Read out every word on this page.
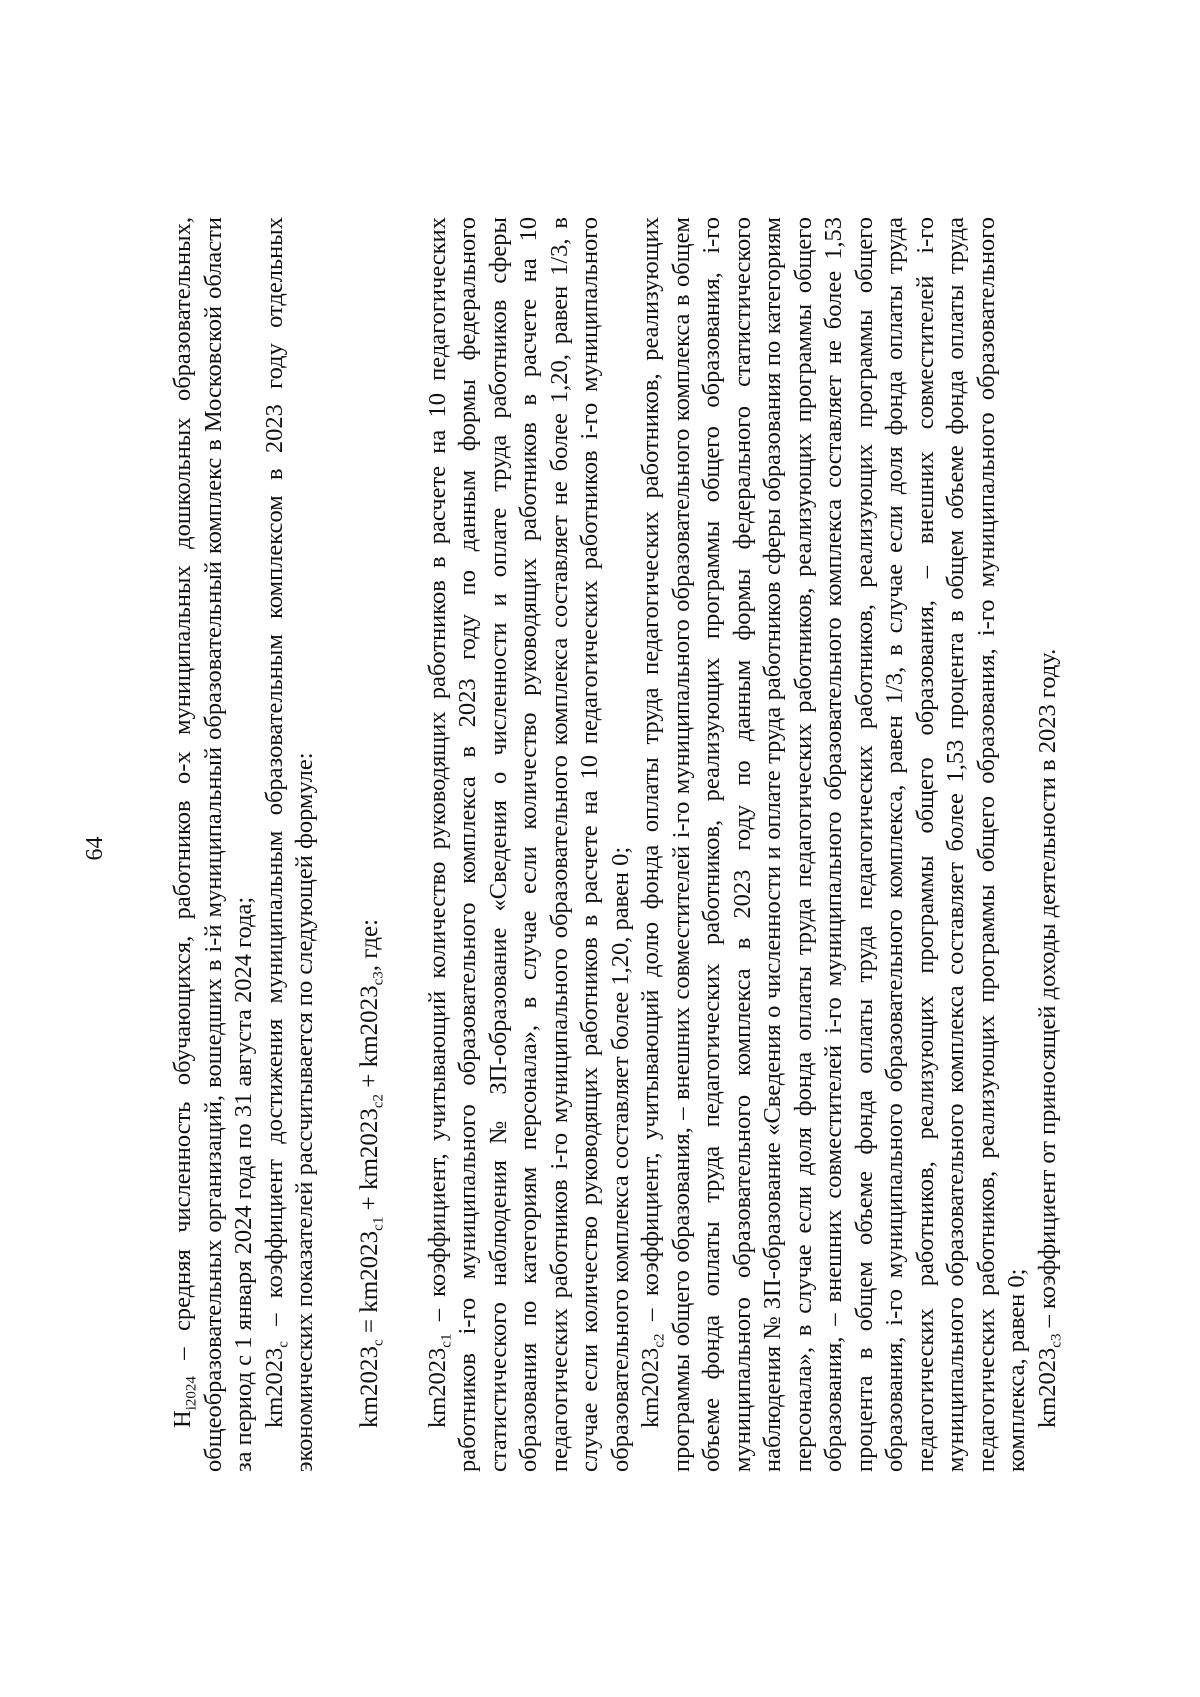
64

$Н_{i2024}$ – средняя численность обучающихся, работников о-х муниципальных дошкольных образовательных, общеобразовательных организаций, вошедших в i-й муниципальный образовательный комплекс в Московской области за период с 1 января 2024 года по 31 августа 2024 года; $km2023_с$ – коэффициент достижения муниципальным образовательным комплексом в 2023 году отдельных экономических показателей рассчитывается по следующей формуле: $km2023_с = km2023_{с1} + km2023_{с2} + km2023_{с3}$, где:

$km2023_{с1}$ – коэффициент, учитывающий количество руководящих работников в расчете на 10 педагогических работников i-го муниципального образовательного комплекса в 2023 году по данным формы федерального статистического наблюдения № ЗП-образование «Сведения о численности и оплате труда работников сферы образования по категориям персонала», в случае если количество руководящих работников в расчете на 10 педагогических работников i-го муниципального образовательного комплекса составляет не более 1,20, равен 1/3, в случае если количество руководящих работников в расчете на 10 педагогических работников i-го муниципального образовательного комплекса составляет более 1,20, равен 0; $km2023_{с2}$ – коэффициент, учитывающий долю фонда оплаты труда педагогических работников, реализующих программы общего образования, – внешних совместителей i-го муниципального образовательного комплекса в общем объеме фонда оплаты труда педагогических работников, реализующих программы общего образования, i-го муниципального образовательного комплекса в 2023 году по данным формы федерального статистического наблюдения № ЗП-образование «Сведения о численности и оплате труда работников сферы образования по категориям персонала», в случае если доля фонда оплаты труда педагогических работников, реализующих программы общего образования, – внешних совместителей i-го муниципального образовательного комплекса составляет не более 1,53 процента в общем объеме фонда оплаты труда педагогических работников, реализующих программы общего образования, i-го муниципального образовательного комплекса, равен 1/3, в случае если доля фонда оплаты труда педагогических работников, реализующих программы общего образования, – внешних совместителей i-го муниципального образовательного комплекса составляет более 1,53 процента в общем объеме фонда оплаты труда педагогических работников, реализующих программы общего образования, i-го муниципального образовательного комплекса, равен 0; $km2023_{с3}$ – коэффициент от приносящей доходы деятельности в 2023 году.
